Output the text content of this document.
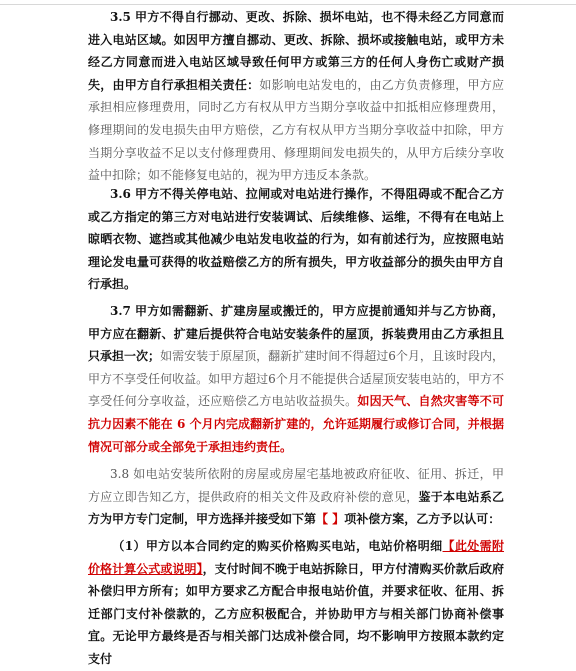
3.5 甲方不得自行挪动、更改、拆除、损坏电站，也不得未经乙方同意而进入电站区域。如因甲方擅自挪动、更改、拆除、损坏或接触电站，或甲方未经乙方同意而进入电站区域导致任何甲方或第三方的任何人身伤亡或财产损失，由甲方自行承担相关责任：如影响电站发电的，由乙方负责修理，甲方应承担相应修理费用，同时乙方有权从甲方当期分享收益中扣抵相应修理费用，修理期间的发电损失由甲方赔偿，乙方有权从甲方当期分享收益中扣除，甲方当期分享收益不足以支付修理费用、修理期间发电损失的，从甲方后续分享收益中扣除；如不能修复电站的，视为甲方违反本条款。

3.6 甲方不得关停电站、拉闸或对电站进行操作，不得阻碍或不配合乙方或乙方指定的第三方对电站进行安装调试、后续维修、运维，不得有在电站上晾晒衣物、遮挡或其他减少电站发电收益的行为，如有前述行为，应按照电站理论发电量可获得的收益赔偿乙方的所有损失，甲方收益部分的损失由甲方自行承担。

3.7 甲方如需翻新、扩建房屋或搬迁的，甲方应提前通知并与乙方协商，甲方应在翻新、扩建后提供符合电站安装条件的屋顶，拆装费用由乙方承担且只承担一次；如需安装于原屋顶，翻新扩建时间不得超过6个月，且该时段内，甲方不享受任何收益。如甲方超过6个月不能提供合适屋顶安装电站的，甲方不享受任何分享收益，还应赔偿乙方电站收益损失。如因天气、自然灾害等不可抗力因素不能在 6 个月内完成翻新扩建的，允许延期履行或修订合同，并根据情况可部分或全部免于承担违约责任。

3.8 如电站安装所依附的房屋或房屋宅基地被政府征收、征用、拆迁，甲方应立即告知乙方，提供政府的相关文件及政府补偿的意见，鉴于本电站系乙方为甲方专门定制，甲方选择并接受如下第【 】项补偿方案，乙方予以认可：

（1）甲方以本合同约定的购买价格购买电站，电站价格明细【此处需附价格计算公式或说明】，支付时间不晚于电站拆除日，甲方付清购买价款后政府补偿归甲方所有；如甲方要求乙方配合申报电站价值，并要求征收、征用、拆迁部门支付补偿款的，乙方应积极配合，并协助甲方与相关部门协商补偿事宜。无论甲方最终是否与相关部门达成补偿合同，均不影响甲方按照本款约定支付
